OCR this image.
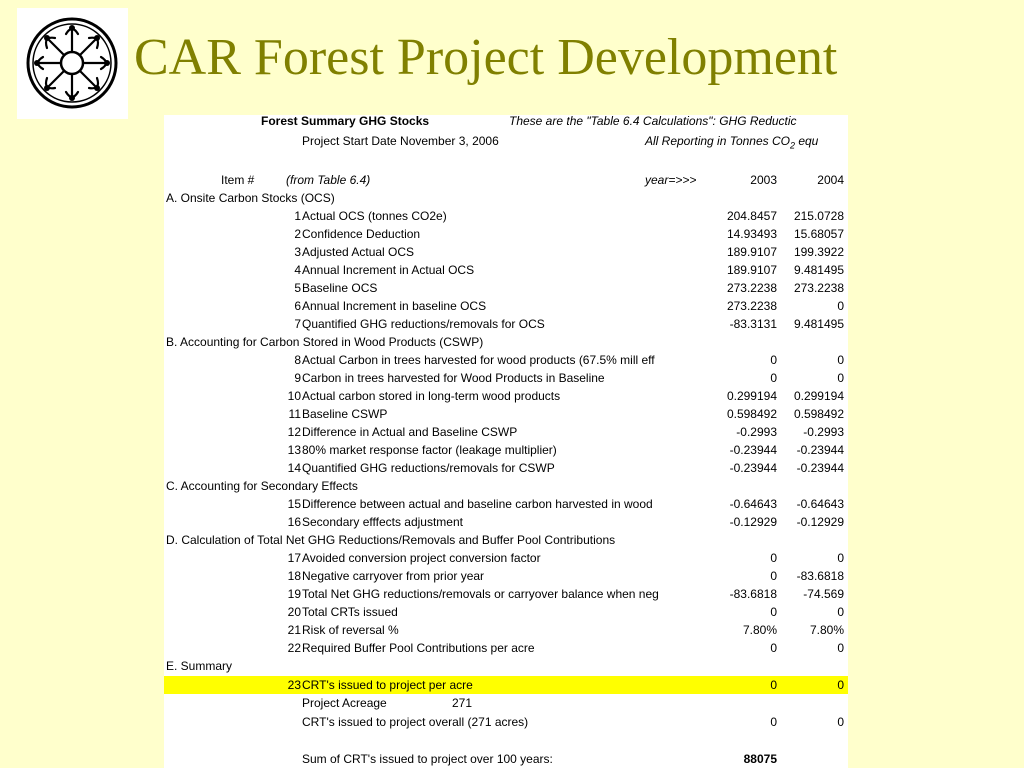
CAR Forest Project Development
Forest Summary GHG Stocks	These are the "Table 6.4 Calculations": GHG Reductic
Project Start Date November 3, 2006	All Reporting in Tonnes $CO_2$ equ
Item #	(from Table 6.4)	year=>>>	2003	2004
A. Onsite Carbon Stocks (OCS)
1 Actual OCS (tonnes CO2e)	204.8457 215.0728
2 Confidence Deduction	14.93493 15.68057
3 Adjusted Actual OCS	189.9107 199.3922
4 Annual Increment in Actual OCS	189.9107 9.481495
5 Baseline OCS	273.2238 273.2238
6 Annual Increment in baseline OCS	273.2238	0
7 Quantified GHG reductions/removals for OCS	-83.3131 9.481495
B. Accounting for Carbon Stored in Wood Products (CSWP)
8 Actual Carbon in trees harvested for wood products (67.5% mill eff	0	0
9 Carbon in trees harvested for Wood Products in Baseline	0	0
10 Actual carbon stored in long-term wood products	0.299194 0.299194
11 Baseline CSWP	0.598492 0.598492
12 Difference in Actual and Baseline CSWP	-0.2993 -0.2993
13 80% market response factor (leakage multiplier)	-0.23944 -0.23944
14 Quantified GHG reductions/removals for CSWP	-0.23944 -0.23944
C. Accounting for Secondary Effects
15 Difference between actual and baseline carbon harvested in wood	-0.64643 -0.64643
16 Secondary efffects adjustment	-0.12929 -0.12929
D. Calculation of Total Net GHG Reductions/Removals and Buffer Pool Contributions
17 Avoided conversion project conversion factor	0	0
18 Negative carryover from prior year	0 -83.6818
19 Total Net GHG reductions/removals or carryover balance when neg	-83.6818 -74.569
20 Total CRTs issued	0	0
21 Risk of reversal %	7.80%	7.80%
22 Required Buffer Pool Contributions per acre	0	0
E. Summary
23 CRT's issued to project per acre	0	0
Project Acreage	271
CRT's issued to project overall (271 acres)	0	0
Sum of CRT's issued to project over 100 years:	88075
